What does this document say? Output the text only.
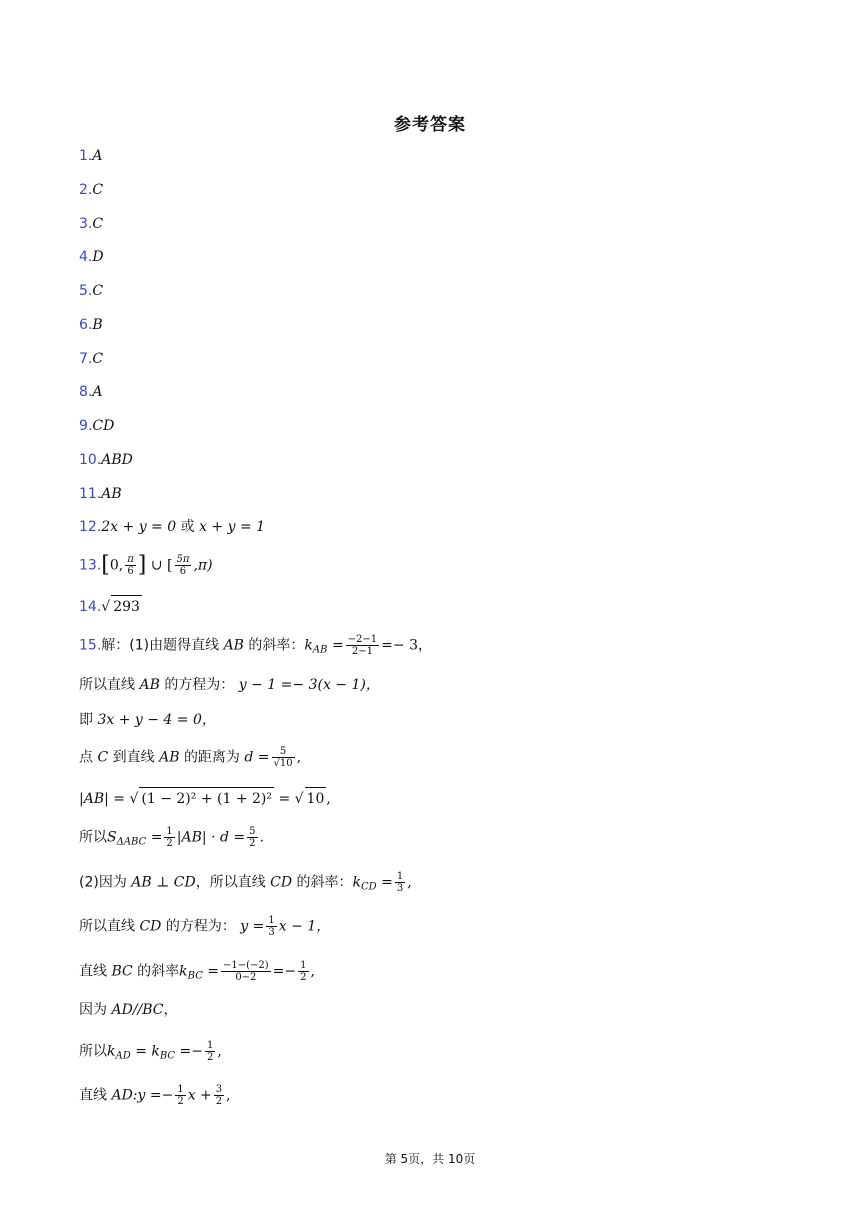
参考答案
1.A
2.C
3.C
4.D
5.C
6.B
7.C
8.A
9.CD
10.ABD
11.AB
12.2x + y = 0 或 x + y = 1
13.[0, $\frac{\pi}{6}$ ] ∪ [ $\frac{5\pi}{6} ,\pi$)
14.√ 293
15.解：(1)由题得直线 AB 的斜率：$k_{AB} = \frac{-2-1}{2-1} =- 3$，
所以直线 AB 的方程为： y − 1 =− 3(x − 1)，
即 3x + y − 4 = 0，
点 C 到直线 AB 的距离为 $d = \frac{5}{√10}$ ,
|AB| = √ (1 − 2)² + (1 + 2)² = √ 10 ,
所以$S_{\Delta ABC} = \frac{1}{2} |AB| \cdot d = \frac{5}{2}$ .
(2)因为 AB ⊥ CD，所以直线 CD 的斜率：$k_{CD} = \frac{1}{3}$ ,
所以直线 CD 的方程为： $y = \frac{1}{3}$ x − 1，
直线 BC 的斜率$k_{BC} = \frac{-1-(-2)}{0-2} =- \frac{1}{2}$ ,
因为 AD//BC，
所以$k_{AD} = k_{BC} =- \frac{1}{2}$ ,
直线 AD:y =− $\frac{1}{2}$ $x + \frac{3}{2}$ ,
第 5页，共 10页
